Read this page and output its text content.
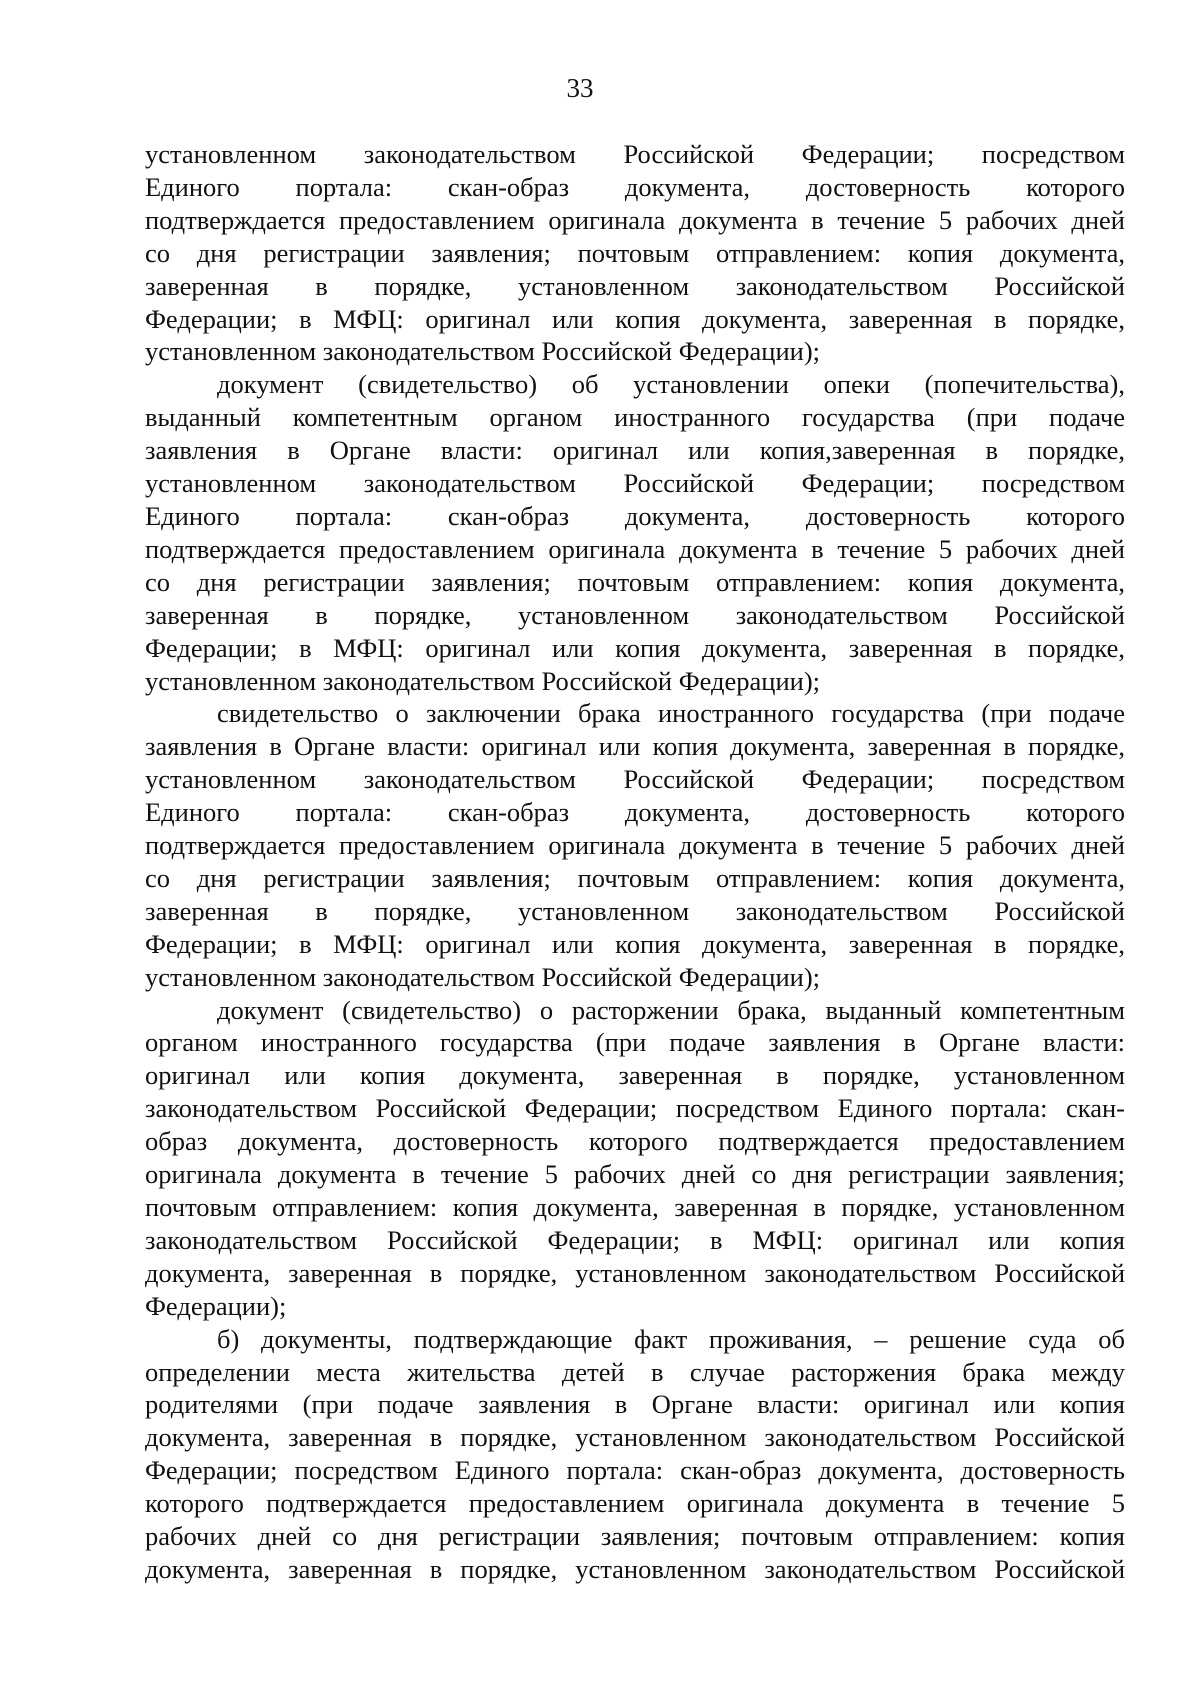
33
установленном законодательством Российской Федерации; посредством
Единого портала: скан-образ документа, достоверность которого
подтверждается предоставлением оригинала документа в течение 5 рабочих дней
со дня регистрации заявления; почтовым отправлением: копия документа,
заверенная в порядке, установленном законодательством Российской
Федерации; в МФЦ: оригинал или копия документа, заверенная в порядке,
установленном законодательством Российской Федерации);
документ (свидетельство) об установлении опеки (попечительства),
выданный компетентным органом иностранного государства (при подаче
заявления в Органе власти: оригинал или копия,заверенная в порядке,
установленном законодательством Российской Федерации; посредством
Единого портала: скан-образ документа, достоверность которого
подтверждается предоставлением оригинала документа в течение 5 рабочих дней
со дня регистрации заявления; почтовым отправлением: копия документа,
заверенная в порядке, установленном законодательством Российской
Федерации; в МФЦ: оригинал или копия документа, заверенная в порядке,
установленном законодательством Российской Федерации);
свидетельство о заключении брака иностранного государства (при подаче
заявления в Органе власти: оригинал или копия документа, заверенная в порядке,
установленном законодательством Российской Федерации; посредством
Единого портала: скан-образ документа, достоверность которого
подтверждается предоставлением оригинала документа в течение 5 рабочих дней
со дня регистрации заявления; почтовым отправлением: копия документа,
заверенная в порядке, установленном законодательством Российской
Федерации; в МФЦ: оригинал или копия документа, заверенная в порядке,
установленном законодательством Российской Федерации);
документ (свидетельство) о расторжении брака, выданный компетентным
органом иностранного государства (при подаче заявления в Органе власти:
оригинал или копия документа, заверенная в порядке, установленном
законодательством Российской Федерации; посредством Единого портала: скан-
образ документа, достоверность которого подтверждается предоставлением
оригинала документа в течение 5 рабочих дней со дня регистрации заявления;
почтовым отправлением: копия документа, заверенная в порядке, установленном
законодательством Российской Федерации; в МФЦ: оригинал или копия
документа, заверенная в порядке, установленном законодательством Российской
Федерации);
б) документы, подтверждающие факт проживания, – решение суда об
определении места жительства детей в случае расторжения брака между
родителями (при подаче заявления в Органе власти: оригинал или копия
документа, заверенная в порядке, установленном законодательством Российской
Федерации; посредством Единого портала: скан-образ документа, достоверность
которого подтверждается предоставлением оригинала документа в течение 5
рабочих дней со дня регистрации заявления; почтовым отправлением: копия
документа, заверенная в порядке, установленном законодательством Российской
